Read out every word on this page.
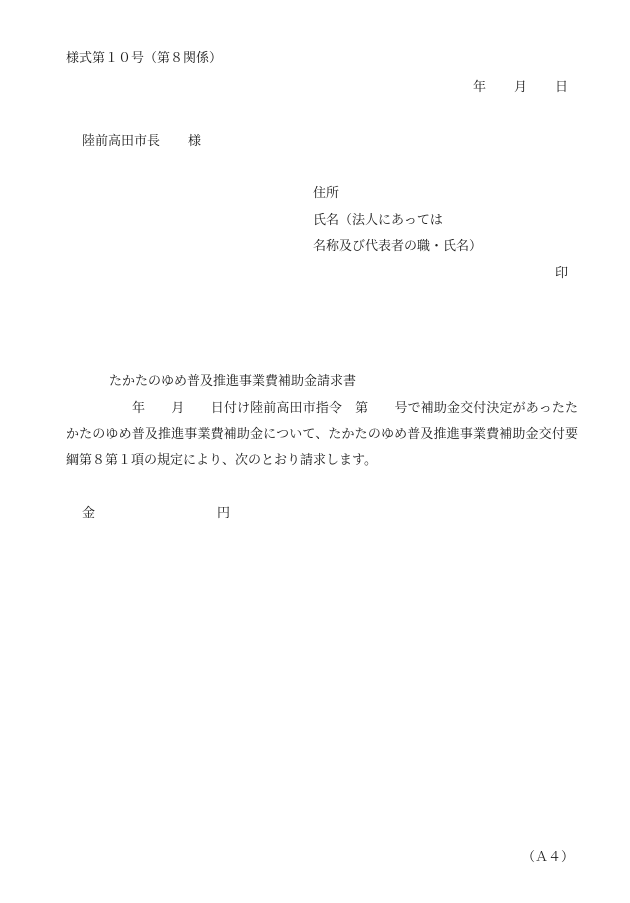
様式第１０号（第８関係）
年 月 日
陸前高田市長 様
住所
氏名（法人にあっては
名称及び代表者の職・氏名）
印
たかたのゆめ普及推進事業費補助金請求書
年　　月　　日付け陸前高田市指令　第　　号で補助金交付決定があったたかたのゆめ普及推進事業費補助金について、たかたのゆめ普及推進事業費補助金交付要綱第８第１項の規定により、次のとおり請求します。
金	円
（Ａ４）
